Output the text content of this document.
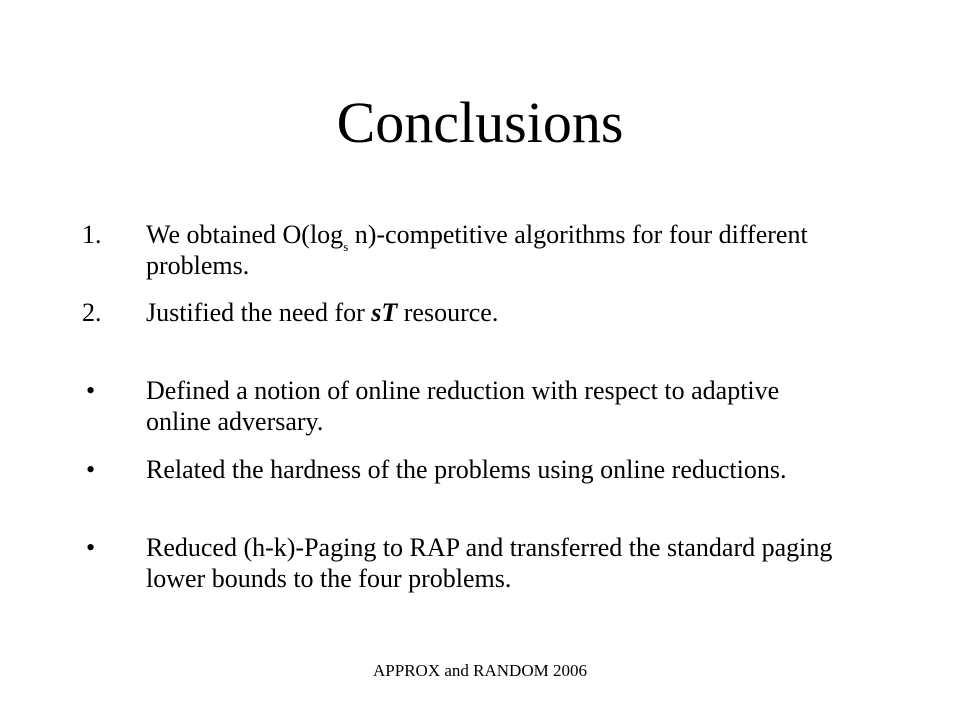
Conclusions
1.	We obtained $O(\log_s$ n)-competitive algorithms for four different problems.
2.	Justified the need for sT resource.
•	Defined a notion of online reduction with respect to adaptive online adversary.
•	Related the hardness of the problems using online reductions.
•	Reduced (h-k)-Paging to RAP and transferred the standard paging lower bounds to the four problems.
APPROX and RANDOM 2006
